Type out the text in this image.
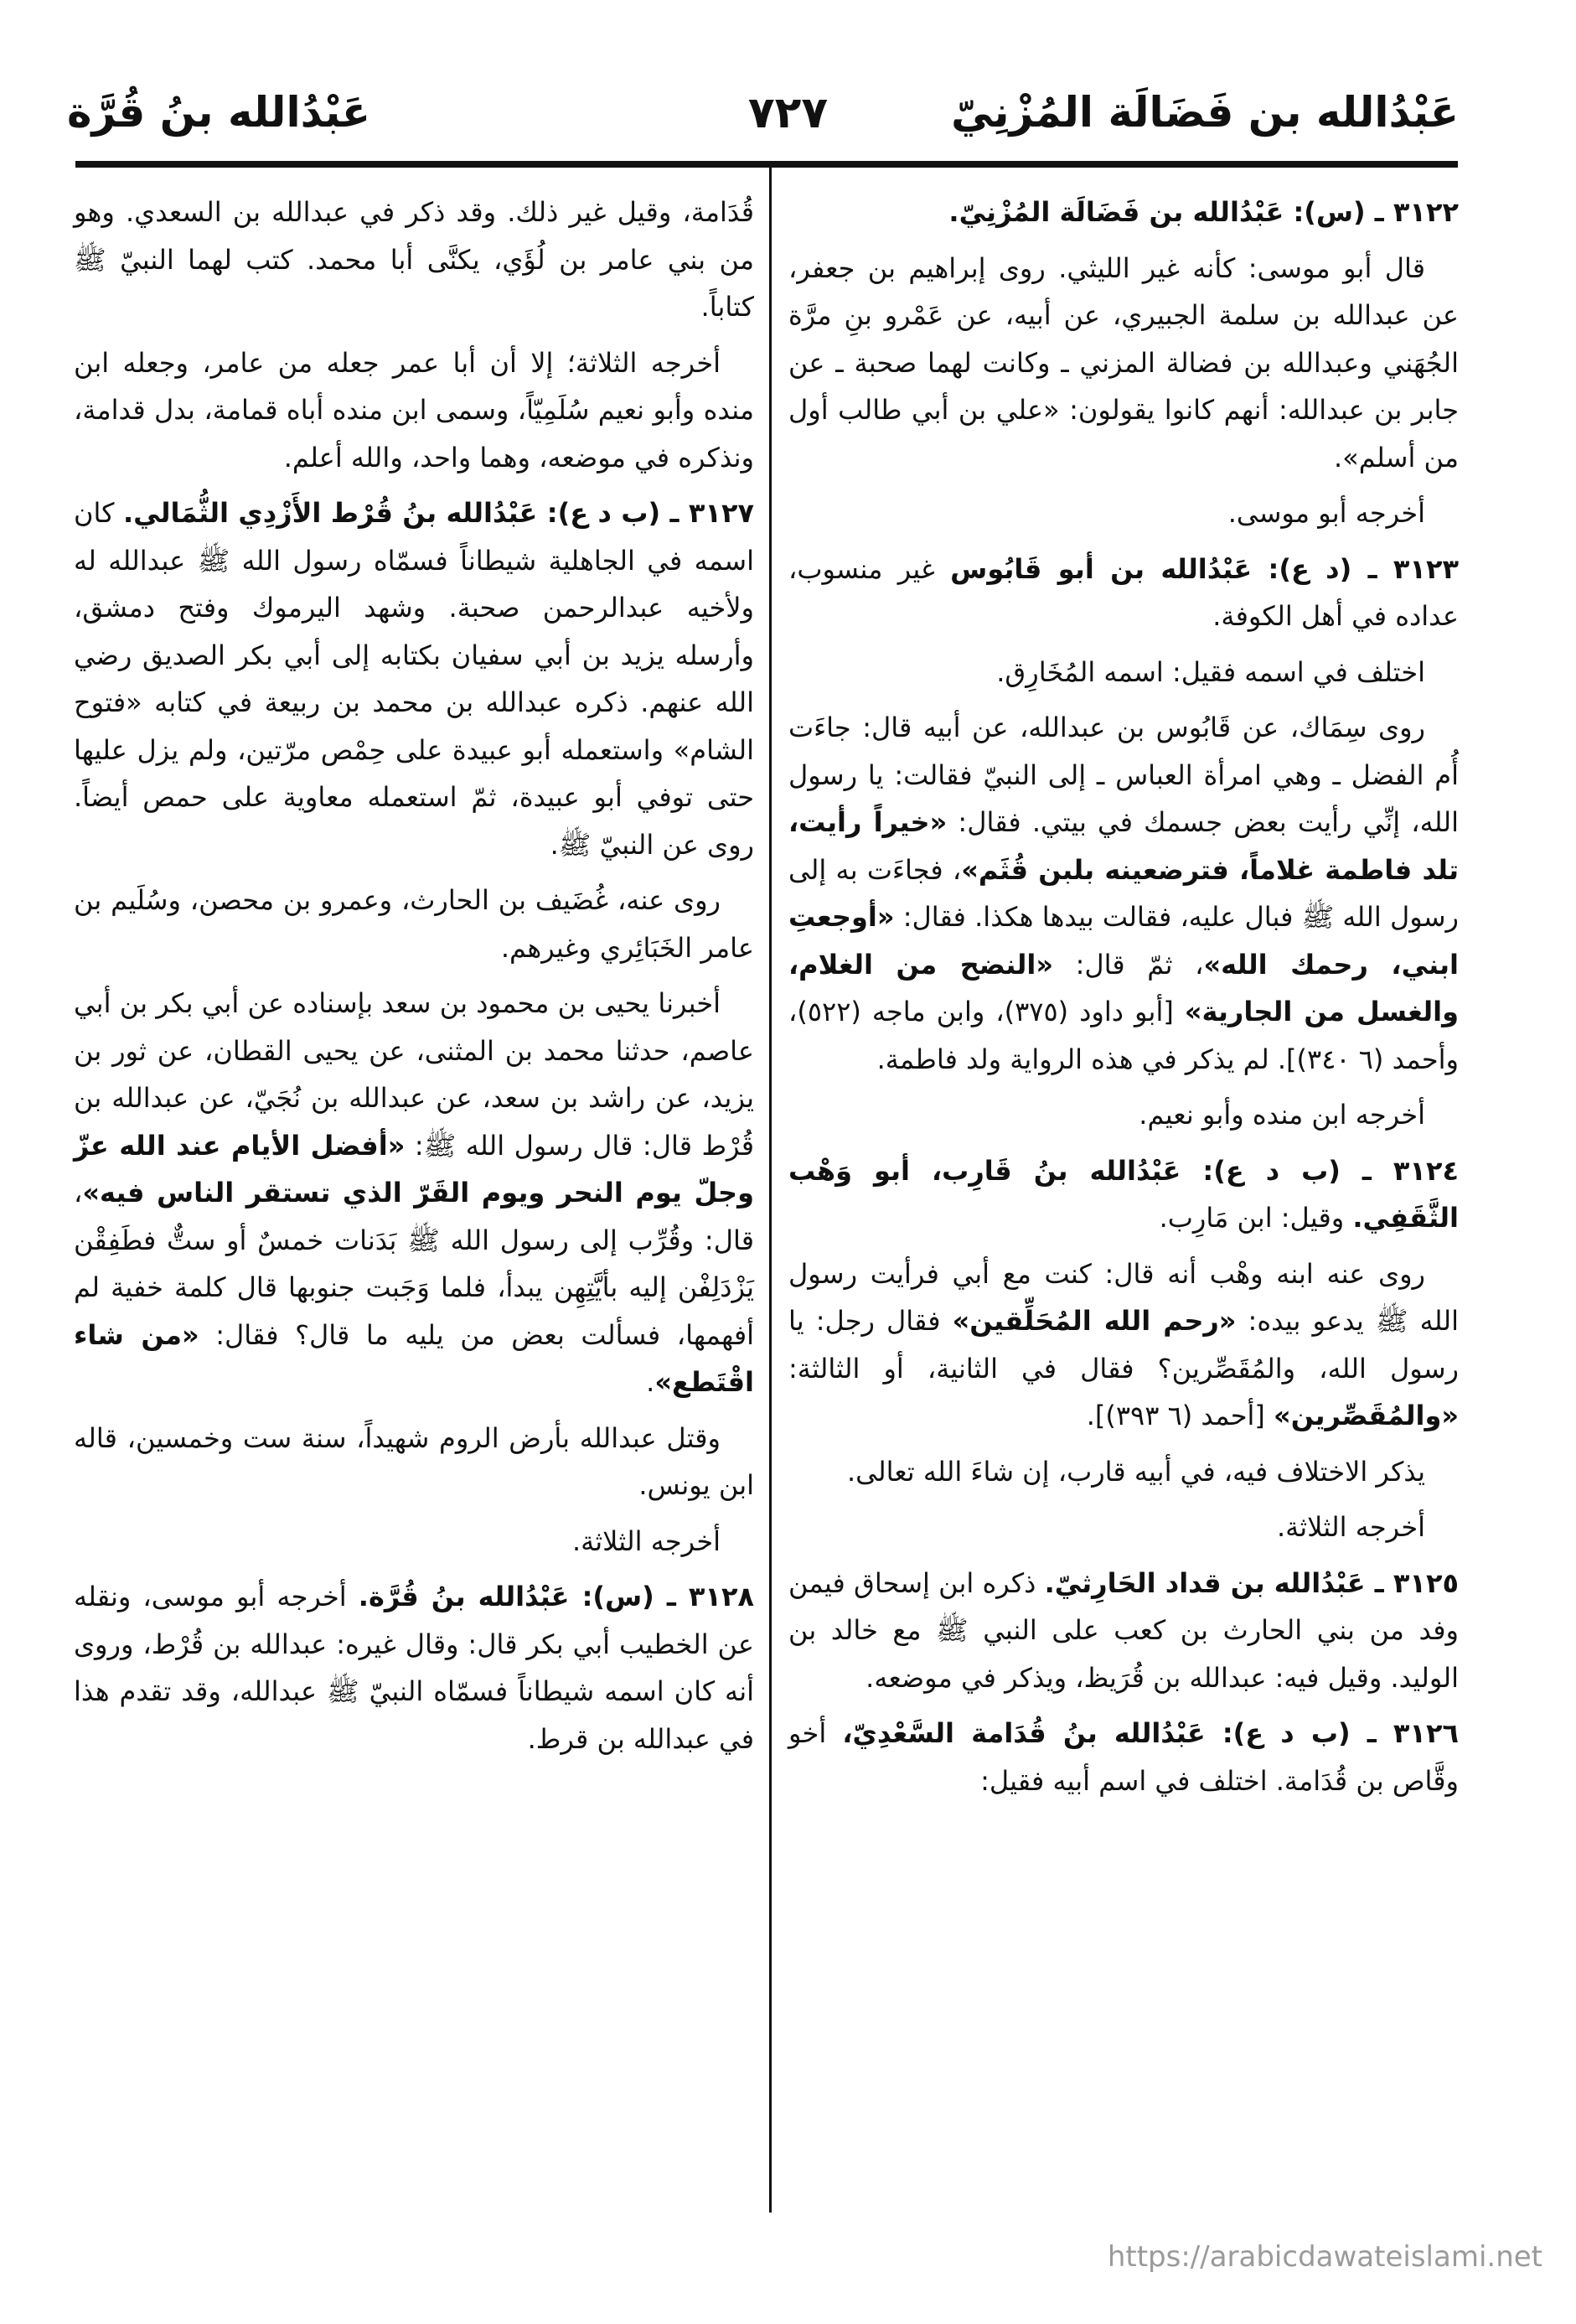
عَبْدُالله بن فَضَالَة المُزْنِيّ
٧٢٧
عَبْدُالله بنُ قُرَّة

٣١٢٢ ـ (س): عَبْدُالله بن فَضَالَة المُزْنِيّ.

قال أبو موسى: كأنه غير الليثي. روى إبراهيم بن جعفر، عن عبدالله بن سلمة الجبيري، عن أبيه، عن عَمْرو بنِ مرَّة الجُهَني وعبدالله بن فضالة المزني ـ وكانت لهما صحبة ـ عن جابر بن عبدالله: أنهم كانوا يقولون: «علي بن أبي طالب أول من أسلم».

أخرجه أبو موسى.

٣١٢٣ ـ (د ع): عَبْدُالله بن أبو قَابُوس غير منسوب، عداده في أهل الكوفة.

اختلف في اسمه فقيل: اسمه المُخَارِق.

روى سِمَاك، عن قَابُوس بن عبدالله، عن أبيه قال: جاءَت أُم الفضل ـ وهي امرأة العباس ـ إلى النبيّ فقالت: يا رسول الله، إنِّي رأيت بعض جسمك في بيتي. فقال: «خيراً رأيت، تلد فاطمة غلاماً، فترضعينه بلبن قُثَم»، فجاءَت به إلى رسول الله ﷺ فبال عليه، فقالت بيدها هكذا. فقال: «أوجعتِ ابني، رحمك الله»، ثمّ قال: «النضح من الغلام، والغسل من الجارية» [أبو داود (٣٧٥)، وابن ماجه (٥٢٢)، وأحمد (٦ ٣٤٠)]. لم يذكر في هذه الرواية ولد فاطمة.

أخرجه ابن منده وأبو نعيم.

٣١٢٤ ـ (ب د ع): عَبْدُالله بنُ قَارِب، أبو وَهْب الثَّقَفِي. وقيل: ابن مَارِب.

روى عنه ابنه وهْب أنه قال: كنت مع أبي فرأيت رسول الله ﷺ يدعو بيده: «رحم الله المُحَلِّقين» فقال رجل: يا رسول الله، والمُقَصِّرين؟ فقال في الثانية، أو الثالثة: «والمُقَصِّرين» [أحمد (٦ ٣٩٣)].

يذكر الاختلاف فيه، في أبيه قارب، إن شاءَ الله تعالى.

أخرجه الثلاثة.

٣١٢٥ ـ عَبْدُالله بن قداد الحَارِثيّ. ذكره ابن إسحاق فيمن وفد من بني الحارث بن كعب على النبي ﷺ مع خالد بن الوليد. وقيل فيه: عبدالله بن قُرَيظ، ويذكر في موضعه.

٣١٢٦ ـ (ب د ع): عَبْدُالله بنُ قُدَامة السَّعْدِيّ، أخو وقَّاص بن قُدَامة. اختلف في اسم أبيه فقيل:

قُدَامة، وقيل غير ذلك. وقد ذكر في عبدالله بن السعدي. وهو من بني عامر بن لُؤَي، يكنَّى أبا محمد. كتب لهما النبيّ ﷺ كتاباً.

أخرجه الثلاثة؛ إلا أن أبا عمر جعله من عامر، وجعله ابن منده وأبو نعيم سُلَمِيّاً، وسمى ابن منده أباه قمامة، بدل قدامة، ونذكره في موضعه، وهما واحد، والله أعلم.

٣١٢٧ ـ (ب د ع): عَبْدُالله بنُ قُرْط الأَزْدِي الثُّمَالي. كان اسمه في الجاهلية شيطاناً فسمّاه رسول الله ﷺ عبدالله له ولأخيه عبدالرحمن صحبة. وشهد اليرموك وفتح دمشق، وأرسله يزيد بن أبي سفيان بكتابه إلى أبي بكر الصديق رضي الله عنهم. ذكره عبدالله بن محمد بن ربيعة في كتابه «فتوح الشام» واستعمله أبو عبيدة على حِمْص مرّتين، ولم يزل عليها حتى توفي أبو عبيدة، ثمّ استعمله معاوية على حمص أيضاً. روى عن النبيّ ﷺ.

روى عنه، غُضَيف بن الحارث، وعمرو بن محصن، وسُلَيم بن عامر الخَبَائِري وغيرهم.

أخبرنا يحيى بن محمود بن سعد بإسناده عن أبي بكر بن أبي عاصم، حدثنا محمد بن المثنى، عن يحيى القطان، عن ثور بن يزيد، عن راشد بن سعد، عن عبدالله بن نُجَيّ، عن عبدالله بن قُرْط قال: قال رسول الله ﷺ: «أفضل الأيام عند الله عزّ وجلّ يوم النحر ويوم القَرّ الذي تستقر الناس فيه»، قال: وقُرِّب إلى رسول الله ﷺ بَدَنات خمسٌ أو ستٌّ فطَفِقْن يَزْدَلِفْن إليه بأيَّتِهِن يبدأ، فلما وَجَبت جنوبها قال كلمة خفية لم أفهمها، فسألت بعض من يليه ما قال؟ فقال: «من شاء اقْتَطع».

وقتل عبدالله بأرض الروم شهيداً، سنة ست وخمسين، قاله ابن يونس.

أخرجه الثلاثة.

٣١٢٨ ـ (س): عَبْدُالله بنُ قُرَّة. أخرجه أبو موسى، ونقله عن الخطيب أبي بكر قال: وقال غيره: عبدالله بن قُرْط، وروى أنه كان اسمه شيطاناً فسمّاه النبيّ ﷺ عبدالله، وقد تقدم هذا في عبدالله بن قرط.

https://arabicdawateislami.net
